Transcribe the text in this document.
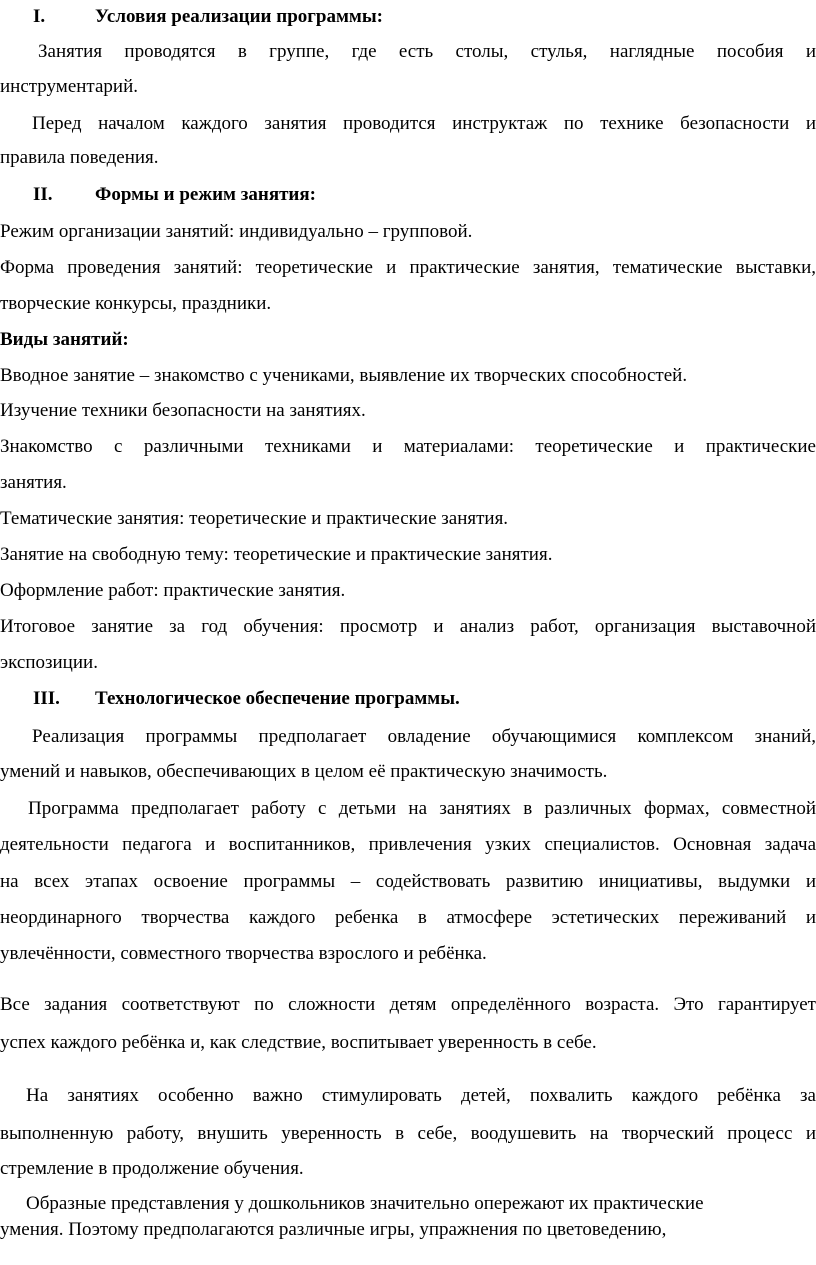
I.	Условия реализации программы:
Занятия проводятся в группе, где есть столы, стулья, наглядные пособия и
инструментарий.
Перед началом каждого занятия проводится инструктаж по технике безопасности и
правила поведения.
II. Формы и режим занятия:
Режим организации занятий: индивидуально – групповой.
Форма проведения занятий: теоретические и практические занятия, тематические выставки,
творческие конкурсы, праздники.
Виды занятий:
Вводное занятие – знакомство с учениками, выявление их творческих способностей.
Изучение техники безопасности на занятиях.
Знакомство с различными техниками и материалами: теоретические и практические
занятия.
Тематические занятия: теоретические и практические занятия.
Занятие на свободную тему: теоретические и практические занятия.
Оформление работ: практические занятия.
Итоговое занятие за год обучения: просмотр и анализ работ, организация выставочной
экспозиции.
III. Технологическое обеспечение программы.
Реализация программы предполагает овладение обучающимися комплексом знаний,
умений и навыков, обеспечивающих в целом её практическую значимость.
Программа предполагает работу с детьми на занятиях в различных формах, совместной
деятельности педагога и воспитанников, привлечения узких специалистов. Основная задача
на всех этапах освоение программы – содействовать развитию инициативы, выдумки и
неординарного творчества каждого ребенка в атмосфере эстетических переживаний и
увлечённости, совместного творчества взрослого и ребёнка.
Все задания соответствуют по сложности детям определённого возраста. Это гарантирует
успех каждого ребёнка и, как следствие, воспитывает уверенность в себе.
На занятиях особенно важно стимулировать детей, похвалить каждого ребёнка за
выполненную работу, внушить уверенность в себе, воодушевить на творческий процесс и
стремление в продолжение обучения.
Образные представления у дошкольников значительно опережают их практические
умения. Поэтому предполагаются различные игры, упражнения по цветоведению,
